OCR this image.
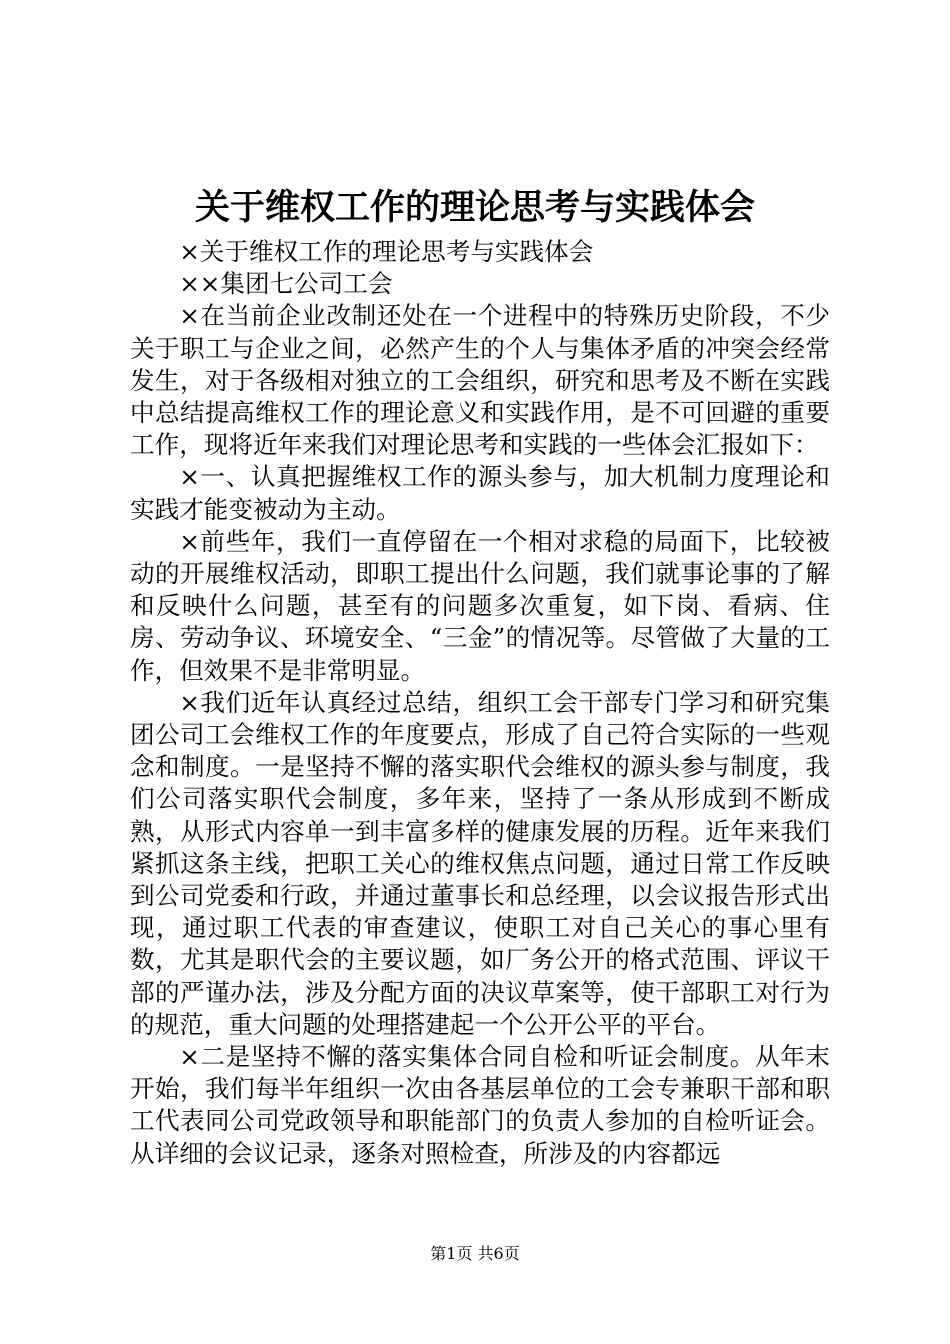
关于维权工作的理论思考与实践体会

×关于维权工作的理论思考与实践体会

××集团七公司工会

×在当前企业改制还处在一个进程中的特殊历史阶段，不少关于职工与企业之间，必然产生的个人与集体矛盾的冲突会经常发生，对于各级相对独立的工会组织，研究和思考及不断在实践中总结提高维权工作的理论意义和实践作用，是不可回避的重要工作，现将近年来我们对理论思考和实践的一些体会汇报如下：

×一、认真把握维权工作的源头参与，加大机制力度理论和实践才能变被动为主动。

×前些年，我们一直停留在一个相对求稳的局面下，比较被动的开展维权活动，即职工提出什么问题，我们就事论事的了解和反映什么问题，甚至有的问题多次重复，如下岗、看病、住房、劳动争议、环境安全、“三金”的情况等。尽管做了大量的工作，但效果不是非常明显。

×我们近年认真经过总结，组织工会干部专门学习和研究集团公司工会维权工作的年度要点，形成了自己符合实际的一些观念和制度。一是坚持不懈的落实职代会维权的源头参与制度，我们公司落实职代会制度，多年来，坚持了一条从形成到不断成熟，从形式内容单一到丰富多样的健康发展的历程。近年来我们紧抓这条主线，把职工关心的维权焦点问题，通过日常工作反映到公司党委和行政，并通过董事长和总经理，以会议报告形式出现，通过职工代表的审查建议，使职工对自己关心的事心里有数，尤其是职代会的主要议题，如厂务公开的格式范围、评议干部的严谨办法，涉及分配方面的决议草案等，使干部职工对行为的规范，重大问题的处理搭建起一个公开公平的平台。

×二是坚持不懈的落实集体合同自检和听证会制度。从年末开始，我们每半年组织一次由各基层单位的工会专兼职干部和职工代表同公司党政领导和职能部门的负责人参加的自检听证会。从详细的会议记录，逐条对照检查，所涉及的内容都远

第1页 共6页
